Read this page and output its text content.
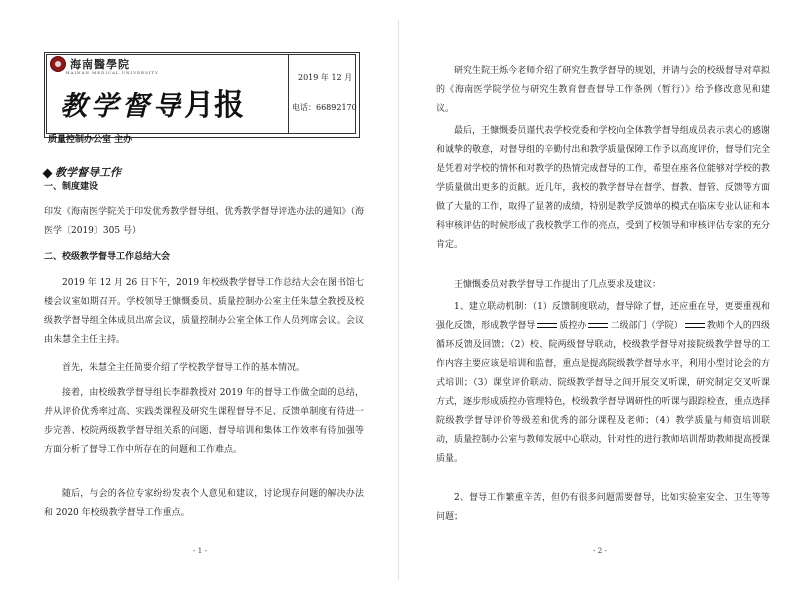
海南醫學院
HAINAN MEDICAL UNIVERSITY
教学督导月报
2019 年 12 月
电话：66892170
质量控制办公室 主办
教学督导工作
一、制度建设
印发《海南医学院关于印发优秀教学督导组、优秀教学督导评选办法的通知》（海医学〔2019〕305 号）
二、校级教学督导工作总结大会
2019 年 12 月 26 日下午，2019 年校级教学督导工作总结大会在图书馆七楼会议室如期召开。学校领导王慷慨委员、质量控制办公室主任朱慧全教授及校级教学督导组全体成员出席会议，质量控制办公室全体工作人员列席会议。会议由朱慧全主任主持。
首先，朱慧全主任简要介绍了学校教学督导工作的基本情况。
接着，由校级教学督导组长李群教授对 2019 年的督导工作做全面的总结，并从评价优秀率过高、实践类课程及研究生课程督导不足、反馈单制度有待进一步完善、校院两级教学督导组关系的问题、督导培训和集体工作效率有待加强等方面分析了督导工作中所存在的问题和工作难点。
随后，与会的各位专家纷纷发表个人意见和建议，讨论现存问题的解决办法和 2020 年校级教学督导工作重点。
- 1 -
研究生院王烁今老师介绍了研究生教学督导的规划，并请与会的校级督导对草拟的《海南医学院学位与研究生教育督查督导工作条例（暂行）》给予修改意见和建议。
最后，王慷慨委员谨代表学校党委和学校向全体教学督导组成员表示衷心的感谢和诚挚的敬意，对督导组的辛勤付出和教学质量保障工作予以高度评价，督导们完全是凭着对学校的情怀和对教学的热情完成督导的工作，希望在座各位能够对学校的教学质量做出更多的贡献。近几年，我校的教学督导在督学、督教、督管、反馈等方面做了大量的工作，取得了显著的成绩，特别是教学反馈单的模式在临床专业认证和本科审核评估的时候形成了我校教学工作的亮点，受到了校领导和审核评估专家的充分肯定。
王慷慨委员对教学督导工作提出了几点要求及建议：
1、建立联动机制：（1）反馈制度联动，督导除了督，还应重在导，更要重视和强化反馈，形成教学督导	质控办	二级部门（学院）	教师个人的四级循环反馈及回馈；（2）校、院两级督导联动，校级教学督导对接院级教学督导的工作内容主要应该是培训和监督，重点是提高院级教学督导水平，利用小型讨论会的方式培训；（3）课堂评价联动、院级教学督导之间开展交叉听课，研究制定交叉听课方式，逐步形成质控办管理特色，校级教学督导调研性的听课与跟踪检查，重点选择院级教学督导评价等级差和优秀的部分课程及老师；（4）教学质量与师资培训联动，质量控制办公室与教师发展中心联动，针对性的进行教师培训帮助教师提高授课质量。
2、督导工作繁重辛苦，但仍有很多问题需要督导，比如实验室安全、卫生等等问题；
- 2 -
